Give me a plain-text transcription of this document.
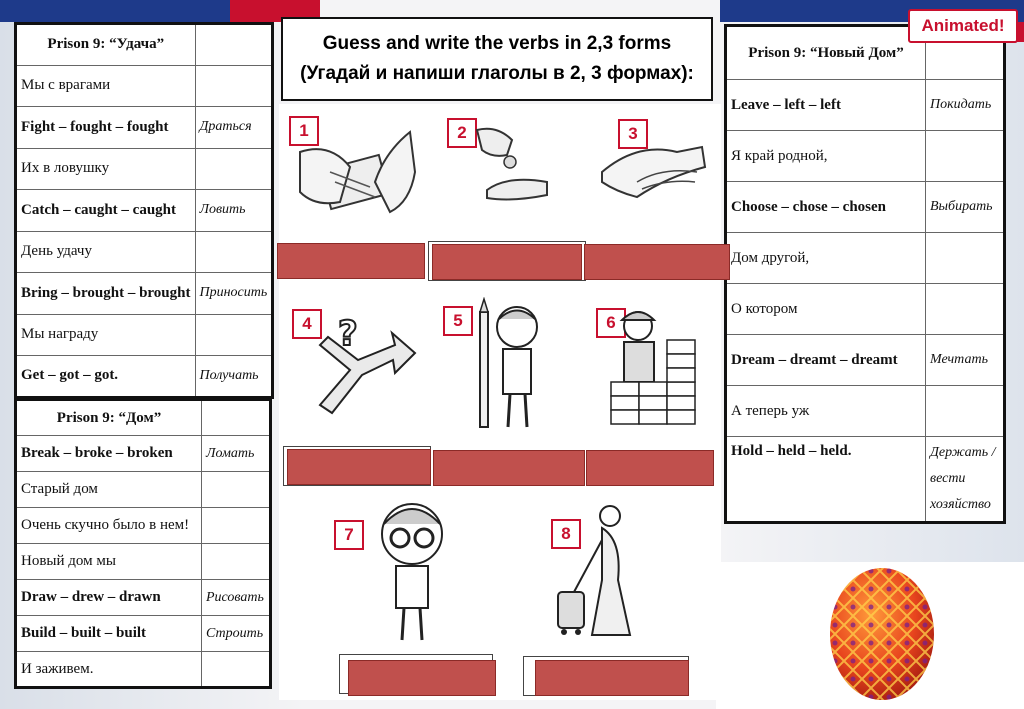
Prison 9: “Удача”	
Мы с врагами	
Fight – fought – fought	Драться
Их в ловушку	
Catch – caught – caught	Ловить
День удачу	
Bring – brought – brought	Приносить
Мы награду	
Get – got – got.	Получать
Prison 9: “Дом”	
Break – broke – broken	Ломать
Старый дом	
Очень скучно было в нем!	
Новый дом мы	
Draw – drew – drawn	Рисовать
Build – built – built	Строить
И заживем.	
Prison 9: “Новый Дом”	
Leave – left – left	Покидать
Я край родной,	
Choose – chose – chosen	Выбирать
Дом другой,	
О котором	
Dream – dreamt – dreamt	Мечтать
А теперь уж	
Hold – held – held.	Держать / вести хозяйство
Guess and write the verbs in 2,3 forms
(Угадай и напиши глаголы в 2, 3 формах):
Animated!
1	2	3
4 ?	5	6
7	8
